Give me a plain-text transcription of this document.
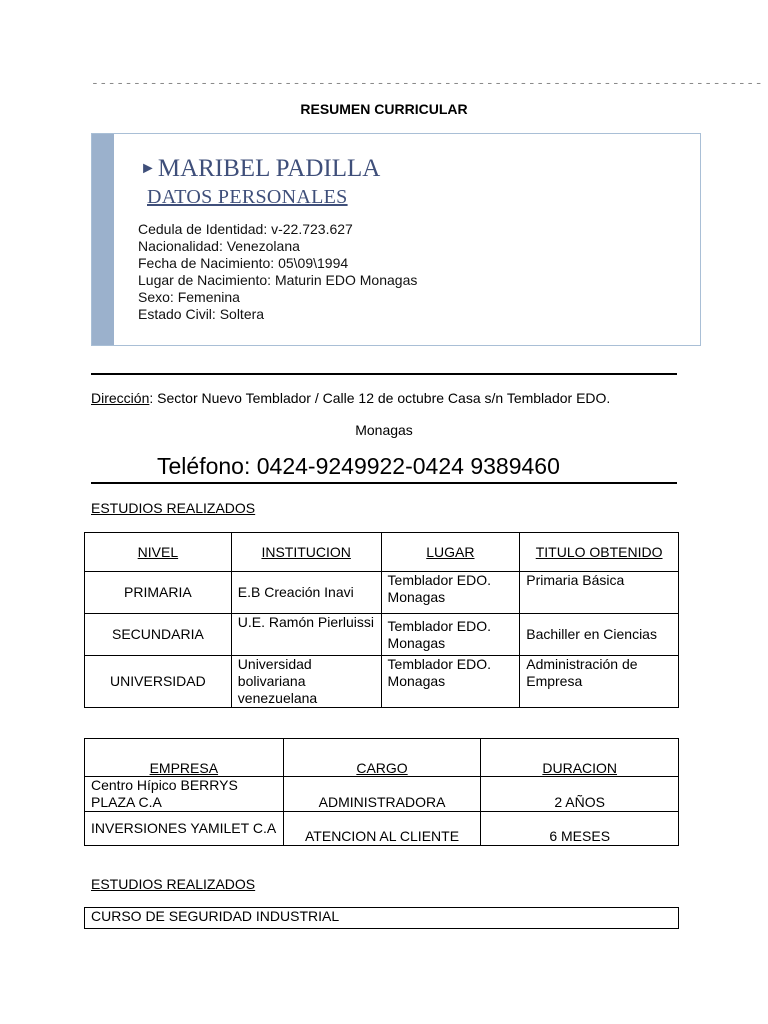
--------------------------------------------------------------------------------
RESUMEN CURRICULAR
►MARIBEL PADILLA
DATOS PERSONALES
Cedula de Identidad: v-22.723.627
Nacionalidad: Venezolana
Fecha de Nacimiento: 05\09\1994
Lugar de Nacimiento: Maturin EDO Monagas
Sexo: Femenina
Estado Civil: Soltera
Dirección: Sector Nuevo Temblador / Calle 12 de octubre Casa s/n Temblador EDO.
Monagas
Teléfono: 0424-9249922-0424 9389460
ESTUDIOS REALIZADOS
NIVEL	INSTITUCION	LUGAR	TITULO OBTENIDO
PRIMARIA	E.B Creación Inavi	Temblador EDO. Monagas	Primaria Básica
SECUNDARIA	U.E. Ramón Pierluissi	Temblador EDO. Monagas	Bachiller en Ciencias
UNIVERSIDAD	Universidad bolivariana venezuelana	Temblador EDO. Monagas	Administración de Empresa
EMPRESA	CARGO	DURACION
Centro Hípico BERRYS PLAZA C.A	ADMINISTRADORA	2 AÑOS
INVERSIONES YAMILET C.A	ATENCION AL CLIENTE	6 MESES
ESTUDIOS REALIZADOS
CURSO DE SEGURIDAD INDUSTRIAL
